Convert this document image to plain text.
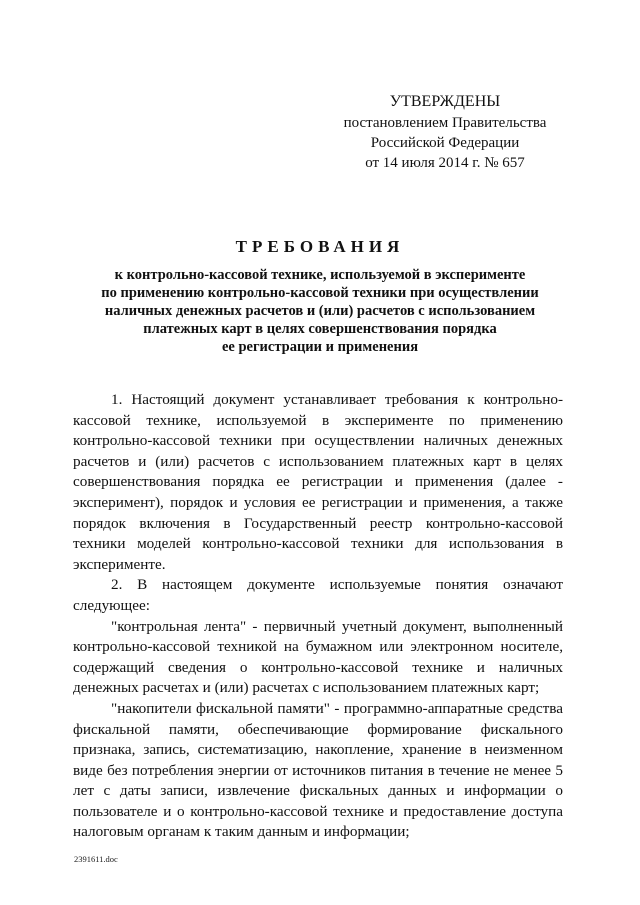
УТВЕРЖДЕНЫ
постановлением Правительства
Российской Федерации
от 14 июля 2014 г. № 657
ТРЕБОВАНИЯ
к контрольно-кассовой технике, используемой в эксперименте
по применению контрольно-кассовой техники при осуществлении
наличных денежных расчетов и (или) расчетов с использованием
платежных карт в целях совершенствования порядка
ее регистрации и применения

1. Настоящий документ устанавливает требования к контрольно-кассовой технике, используемой в эксперименте по применению контрольно-кассовой техники при осуществлении наличных денежных расчетов и (или) расчетов с использованием платежных карт в целях совершенствования порядка ее регистрации и применения (далее - эксперимент), порядок и условия ее регистрации и применения, а также порядок включения в Государственный реестр контрольно-кассовой техники моделей контрольно-кассовой техники для использования в эксперименте.

2. В настоящем документе используемые понятия означают следующее:

"контрольная лента" - первичный учетный документ, выполненный контрольно-кассовой техникой на бумажном или электронном носителе, содержащий сведения о контрольно-кассовой технике и наличных денежных расчетах и (или) расчетах с использованием платежных карт;

"накопители фискальной памяти" - программно-аппаратные средства фискальной памяти, обеспечивающие формирование фискального признака, запись, систематизацию, накопление, хранение в неизменном виде без потребления энергии от источников питания в течение не менее 5 лет с даты записи, извлечение фискальных данных и информации о пользователе и о контрольно-кассовой технике и предоставление доступа налоговым органам к таким данным и информации;

2391611.doc
